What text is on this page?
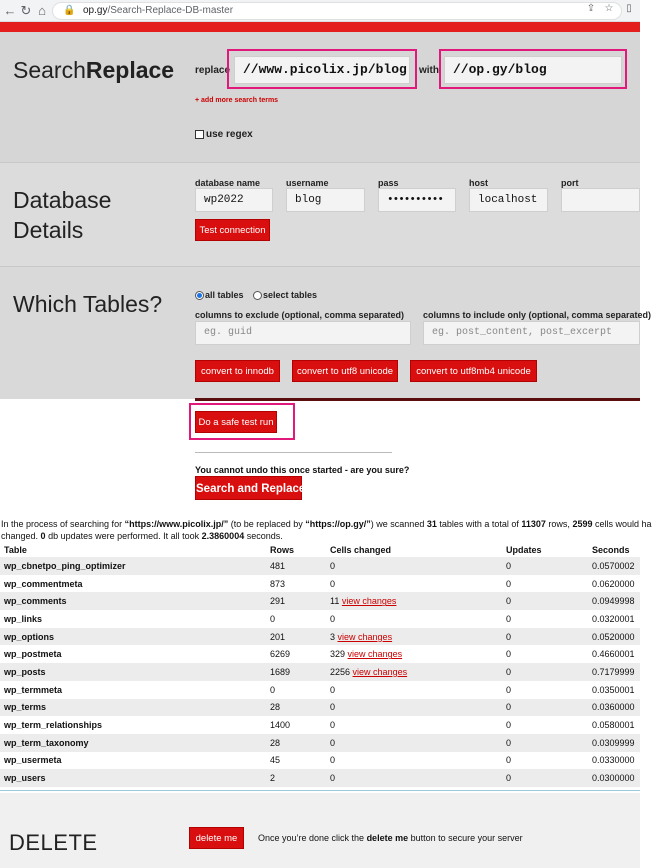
← ↻ ⌂	🔒 op.gy/Search-Replace-DB-master	⇪ ☆	▯
SearchReplace replace //www.picolix.jp/blog	with	//op.gy/blog
+ add more search terms
use regex
Database
Details
database name
wp2022
username
blog
pass
••••••••••
host
localhost
port
Test connection
Which Tables?	all tables select tables
columns to exclude (optional, comma separated)
eg. guid
columns to include only (optional, comma separated)
eg. post_content, post_excerpt
convert to innodb	convert to utf8 unicode	convert to utf8mb4 unicode
Do a safe test run
You cannot undo this once started - are you sure?
Search and Replace
In the process of searching for “https://www.picolix.jp/” (to be replaced by “https://op.gy/”) we scanned 31 tables with a total of 11307 rows, 2599 cells would ha
changed. 0 db updates were performed. It all took 2.3860004 seconds.
Table	Rows	Cells changed	Updates	Seconds
wp_cbnetpo_ping_optimizer	481	0	0	0.0570002
wp_commentmeta	873	0	0	0.0620000
wp_comments	291	11 view changes	0	0.0949998
wp_links	0	0	0	0.0320001
wp_options	201	3 view changes	0	0.0520000
wp_postmeta	6269	329 view changes	0	0.4660001
wp_posts	1689	2256 view changes	0	0.7179999
wp_termmeta	0	0	0	0.0350001
wp_terms	28	0	0	0.0360000
wp_term_relationships	1400	0	0	0.0580001
wp_term_taxonomy	28	0	0	0.0309999
wp_usermeta	45	0	0	0.0330000
wp_users	2	0	0	0.0300000
DELETE	delete me	Once you’re done click the delete me button to secure your server
